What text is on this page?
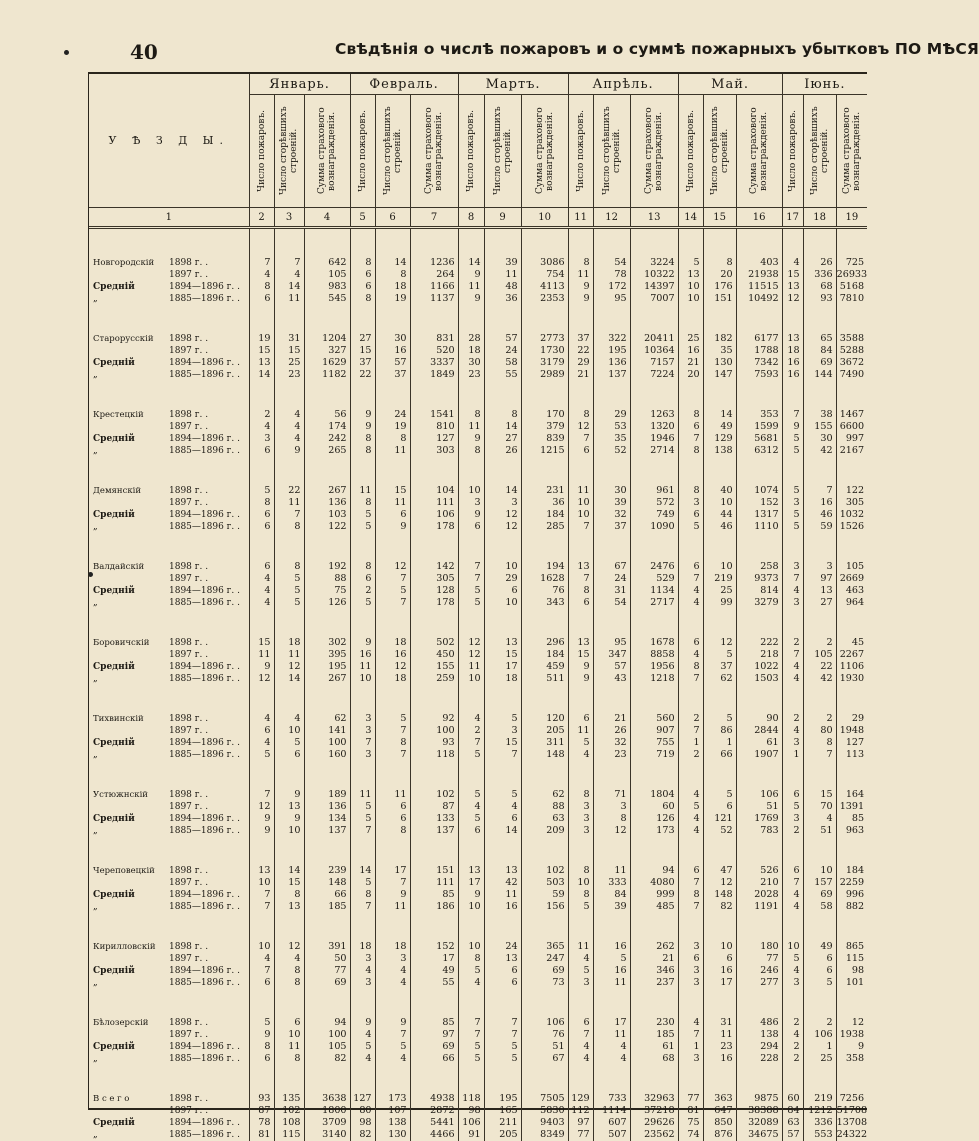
40	Свѣдѣнія о числѣ пожаровъ и о суммѣ пожарныхъ убытковъ ПО МѢСЯ
У Ѣ З Д Ы.	Январь.			Февраль.			Мартъ.			Апрѣль.			Май.			Іюнь.		

	Число пожаровъ.	Число сгорѣвшихъ строеній.	Сумма страхового вознагражденія.	Число пожаровъ.	Число сгорѣвшихъ строеній.	Сумма страхового вознагражденія.	Число пожаровъ.	Число сгорѣвшихъ строеній.	Сумма страхового вознагражденія.	Число пожаровъ.	Число сгорѣвшихъ строеній.	Сумма страхового вознагражденія.	Число пожаровъ.	Число сгорѣвшихъ строеній.	Сумма страхового вознагражденія.	Число пожаровъ.	Число сгорѣвшихъ строеній.	Сумма страхового вознагражденія.

1	2	3	4	5	6	7	8	9	10	11	12	13	14	15	16	17	18	19

Новгородскій 1898 г. .	7	7	642	8	14	1236	14	39	3086	8	54	3224	5	8	403	4	26	725
1897 г. .	4	4	105	6	8	264	9	11	754	11	78	10322	13	20	21938	15	336	26933
Средній 1894—1896 г. .	8	14	983	6	18	1166	11	48	4113	9	172	14397	10	176	11515	13	68	5168
„ 1885—1896 г. .	6	11	545	8	19	1137	9	36	2353	9	95	7007	10	151	10492	12	93	7810

Старорусскій 1898 г. .	19	31	1204	27	30	831	28	57	2773	37	322	20411	25	182	6177	13	65	3588
1897 г. .	15	15	327	15	16	520	18	24	1730	22	195	10364	16	35	1788	18	84	5288
Средній 1894—1896 г. .	13	25	1629	37	57	3337	30	58	3179	29	136	7157	21	130	7342	16	69	3672
„ 1885—1896 г. .	14	23	1182	22	37	1849	23	55	2989	21	137	7224	20	147	7593	16	144	7490

Крестецкій 1898 г. .	2	4	56	9	24	1541	8	8	170	8	29	1263	8	14	353	7	38	1467
1897 г. .	4	4	174	9	19	810	11	14	379	12	53	1320	6	49	1599	9	155	6600
Средній 1894—1896 г. .	3	4	242	8	8	127	9	27	839	7	35	1946	7	129	5681	5	30	997
„ 1885—1896 г. .	6	9	265	8	11	303	8	26	1215	6	52	2714	8	138	6312	5	42	2167

Демянскій 1898 г. .	5	22	267	11	15	104	10	14	231	11	30	961	8	40	1074	5	7	122
1897 г. .	8	11	136	8	11	111	3	3	36	10	39	572	3	10	152	3	16	305
Средній 1894—1896 г. .	6	7	103	5	6	106	9	12	184	10	32	749	6	44	1317	5	46	1032
„ 1885—1896 г. .	6	8	122	5	9	178	6	12	285	7	37	1090	5	46	1110	5	59	1526

Валдайскій 1898 г. .	6	8	192	8	12	142	7	10	194	13	67	2476	6	10	258	3	3	105
1897 г. .	4	5	88	6	7	305	7	29	1628	7	24	529	7	219	9373	7	97	2669
Средній 1894—1896 г. .	4	5	75	2	5	128	5	6	76	8	31	1134	4	25	814	4	13	463
„ 1885—1896 г. .	4	5	126	5	7	178	5	10	343	6	54	2717	4	99	3279	3	27	964

Боровичскій 1898 г. .	15	18	302	9	18	502	12	13	296	13	95	1678	6	12	222	2	2	45
1897 г. .	11	11	395	16	16	450	12	15	184	15	347	8858	4	5	218	7	105	2267
Средній 1894—1896 г. .	9	12	195	11	12	155	11	17	459	9	57	1956	8	37	1022	4	22	1106
„ 1885—1896 г. .	12	14	267	10	18	259	10	18	511	9	43	1218	7	62	1503	4	42	1930

Тихвинскій 1898 г. .	4	4	62	3	5	92	4	5	120	6	21	560	2	5	90	2	2	29
1897 г. .	6	10	141	3	7	100	2	3	205	11	26	907	7	86	2844	4	80	1948
Средній 1894—1896 г. .	4	5	100	7	8	93	7	15	311	5	32	755	1	1	61	3	8	127
„ 1885—1896 г. .	5	6	160	3	7	118	5	7	148	4	23	719	2	66	1907	1	7	113

Устюжнскій 1898 г. .	7	9	189	11	11	102	5	5	62	8	71	1804	4	5	106	6	15	164
1897 г. .	12	13	136	5	6	87	4	4	88	3	3	60	5	6	51	5	70	1391
Средній 1894—1896 г. .	9	9	134	5	6	133	5	6	63	3	8	126	4	121	1769	3	4	85
„ 1885—1896 г. .	9	10	137	7	8	137	6	14	209	3	12	173	4	52	783	2	51	963

Череповецкій 1898 г. .	13	14	239	14	17	151	13	13	102	8	11	94	6	47	526	6	10	184
1897 г. .	10	15	148	5	7	111	17	42	503	10	333	4080	7	12	210	7	157	2259
Средній 1894—1896 г. .	7	8	66	8	9	85	9	11	59	8	84	999	8	148	2028	4	69	996
„ 1885—1896 г. .	7	13	185	7	11	186	10	16	156	5	39	485	7	82	1191	4	58	882

Кирилловскій 1898 г. .	10	12	391	18	18	152	10	24	365	11	16	262	3	10	180	10	49	865
1897 г. .	4	4	50	3	3	17	8	13	247	4	5	21	6	6	77	5	6	115
Средній 1894—1896 г. .	7	8	77	4	4	49	5	6	69	5	16	346	3	16	246	4	6	98
„ 1885—1896 г. .	6	8	69	3	4	55	4	6	73	3	11	237	3	17	277	3	5	101

Бѣлозерскій 1898 г. .	5	6	94	9	9	85	7	7	106	6	17	230	4	31	486	2	2	12
1897 г. .	9	10	100	4	7	97	7	7	76	7	11	185	7	11	138	4	106	1938
Средній 1894—1896 г. .	8	11	105	5	5	69	5	5	51	4	4	61	1	23	294	2	1	9
„ 1885—1896 г. .	6	8	82	4	4	66	5	5	67	4	4	68	3	16	228	2	25	358

В с е г о 1898 г. .	93	135	3638	127	173	4938	118	195	7505	129	733	32963	77	363	9875	60	219	7256
1897 г. .	87	102	1800	80	107	2872	98	165	5830	112	1114	37218	81	647	38388	84	1212	51708
Средній 1894—1896 г. .	78	108	3709	98	138	5441	106	211	9403	97	607	29626	75	850	32089	63	336	13708
„ 1885—1896 г. .	81	115	3140	82	130	4466	91	205	8349	77	507	23562	74	876	34675	57	553	24322
